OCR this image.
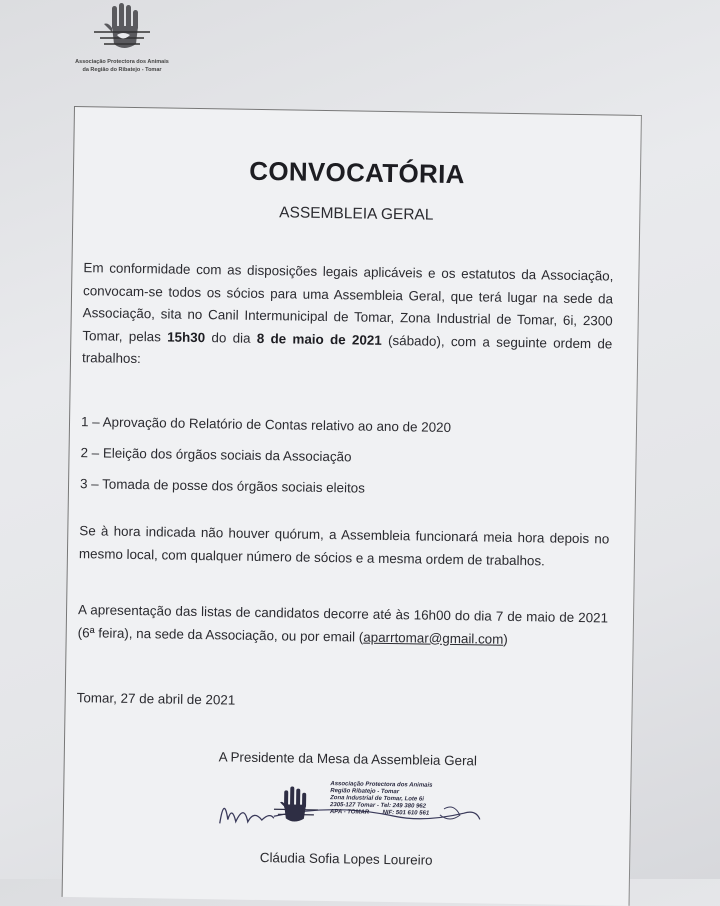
Associação Protectora dos Animais
da Região do Ribatejo - Tomar
CONVOCATÓRIA
ASSEMBLEIA GERAL
Em conformidade com as disposições legais aplicáveis e os estatutos da Associação, convocam-se todos os sócios para uma Assembleia Geral, que terá lugar na sede da Associação, sita no Canil Intermunicipal de Tomar, Zona Industrial de Tomar, 6i, 2300 Tomar, pelas 15h30 do dia 8 de maio de 2021 (sábado), com a seguinte ordem de trabalhos:
1 – Aprovação do Relatório de Contas relativo ao ano de 2020
2 – Eleição dos órgãos sociais da Associação
3 – Tomada de posse dos órgãos sociais eleitos
Se à hora indicada não houver quórum, a Assembleia funcionará meia hora depois no mesmo local, com qualquer número de sócios e a mesma ordem de trabalhos.
A apresentação das listas de candidatos decorre até às 16h00 do dia 7 de maio de 2021 (6ª feira), na sede da Associação, ou por email (aparrtomar@gmail.com)
Tomar, 27 de abril de 2021
A Presidente da Mesa da Assembleia Geral
Associação Protectora dos Animais
Região Ribatejo - Tomar
Zona Industrial de Tomar, Lote 6i
2305-127 Tomar - Tel: 249 380 962
APA - TOMAR        NIF: 501 610 561
Cláudia Sofia Lopes Loureiro
